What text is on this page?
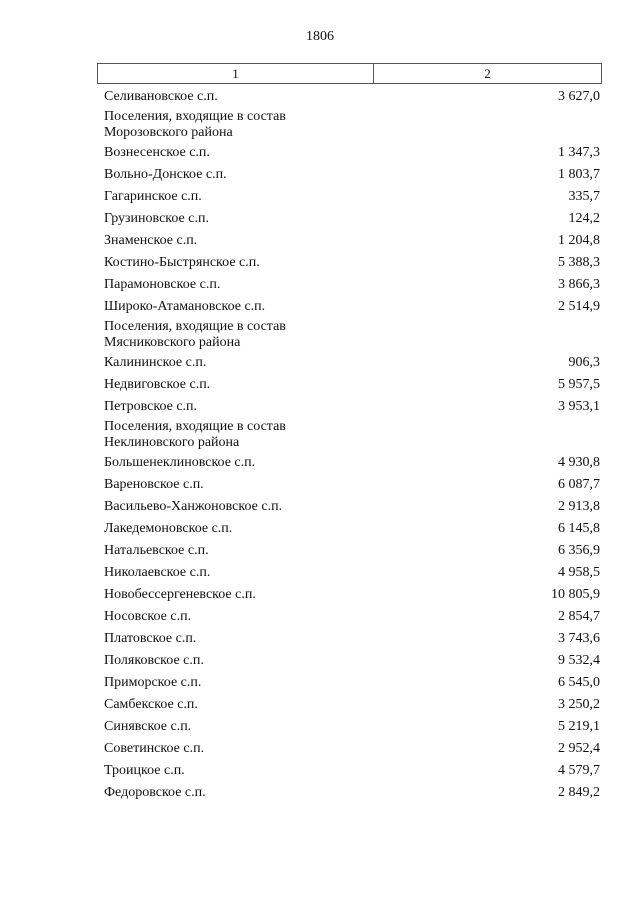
1806
1	2
Селивановское с.п.	3 627,0
Поселения, входящие в состав
Морозовского района
Вознесенское с.п.	1 347,3
Вольно-Донское с.п.	1 803,7
Гагаринское с.п.	335,7
Грузиновское с.п.	124,2
Знаменское с.п.	1 204,8
Костино-Быстрянское с.п.	5 388,3
Парамоновское с.п.	3 866,3
Широко-Атамановское с.п.	2 514,9
Поселения, входящие в состав
Мясниковского района
Калининское с.п.	906,3
Недвиговское с.п.	5 957,5
Петровское с.п.	3 953,1
Поселения, входящие в состав
Неклиновского района
Большенеклиновское с.п.	4 930,8
Вареновское с.п.	6 087,7
Васильево-Ханжоновское с.п.	2 913,8
Лакедемоновское с.п.	6 145,8
Натальевское с.п.	6 356,9
Николаевское с.п.	4 958,5
Новобессергеневское с.п.	10 805,9
Носовское с.п.	2 854,7
Платовское с.п.	3 743,6
Поляковское с.п.	9 532,4
Приморское с.п.	6 545,0
Самбекское с.п.	3 250,2
Синявское с.п.	5 219,1
Советинское с.п.	2 952,4
Троицкое с.п.	4 579,7
Федоровское с.п.	2 849,2
